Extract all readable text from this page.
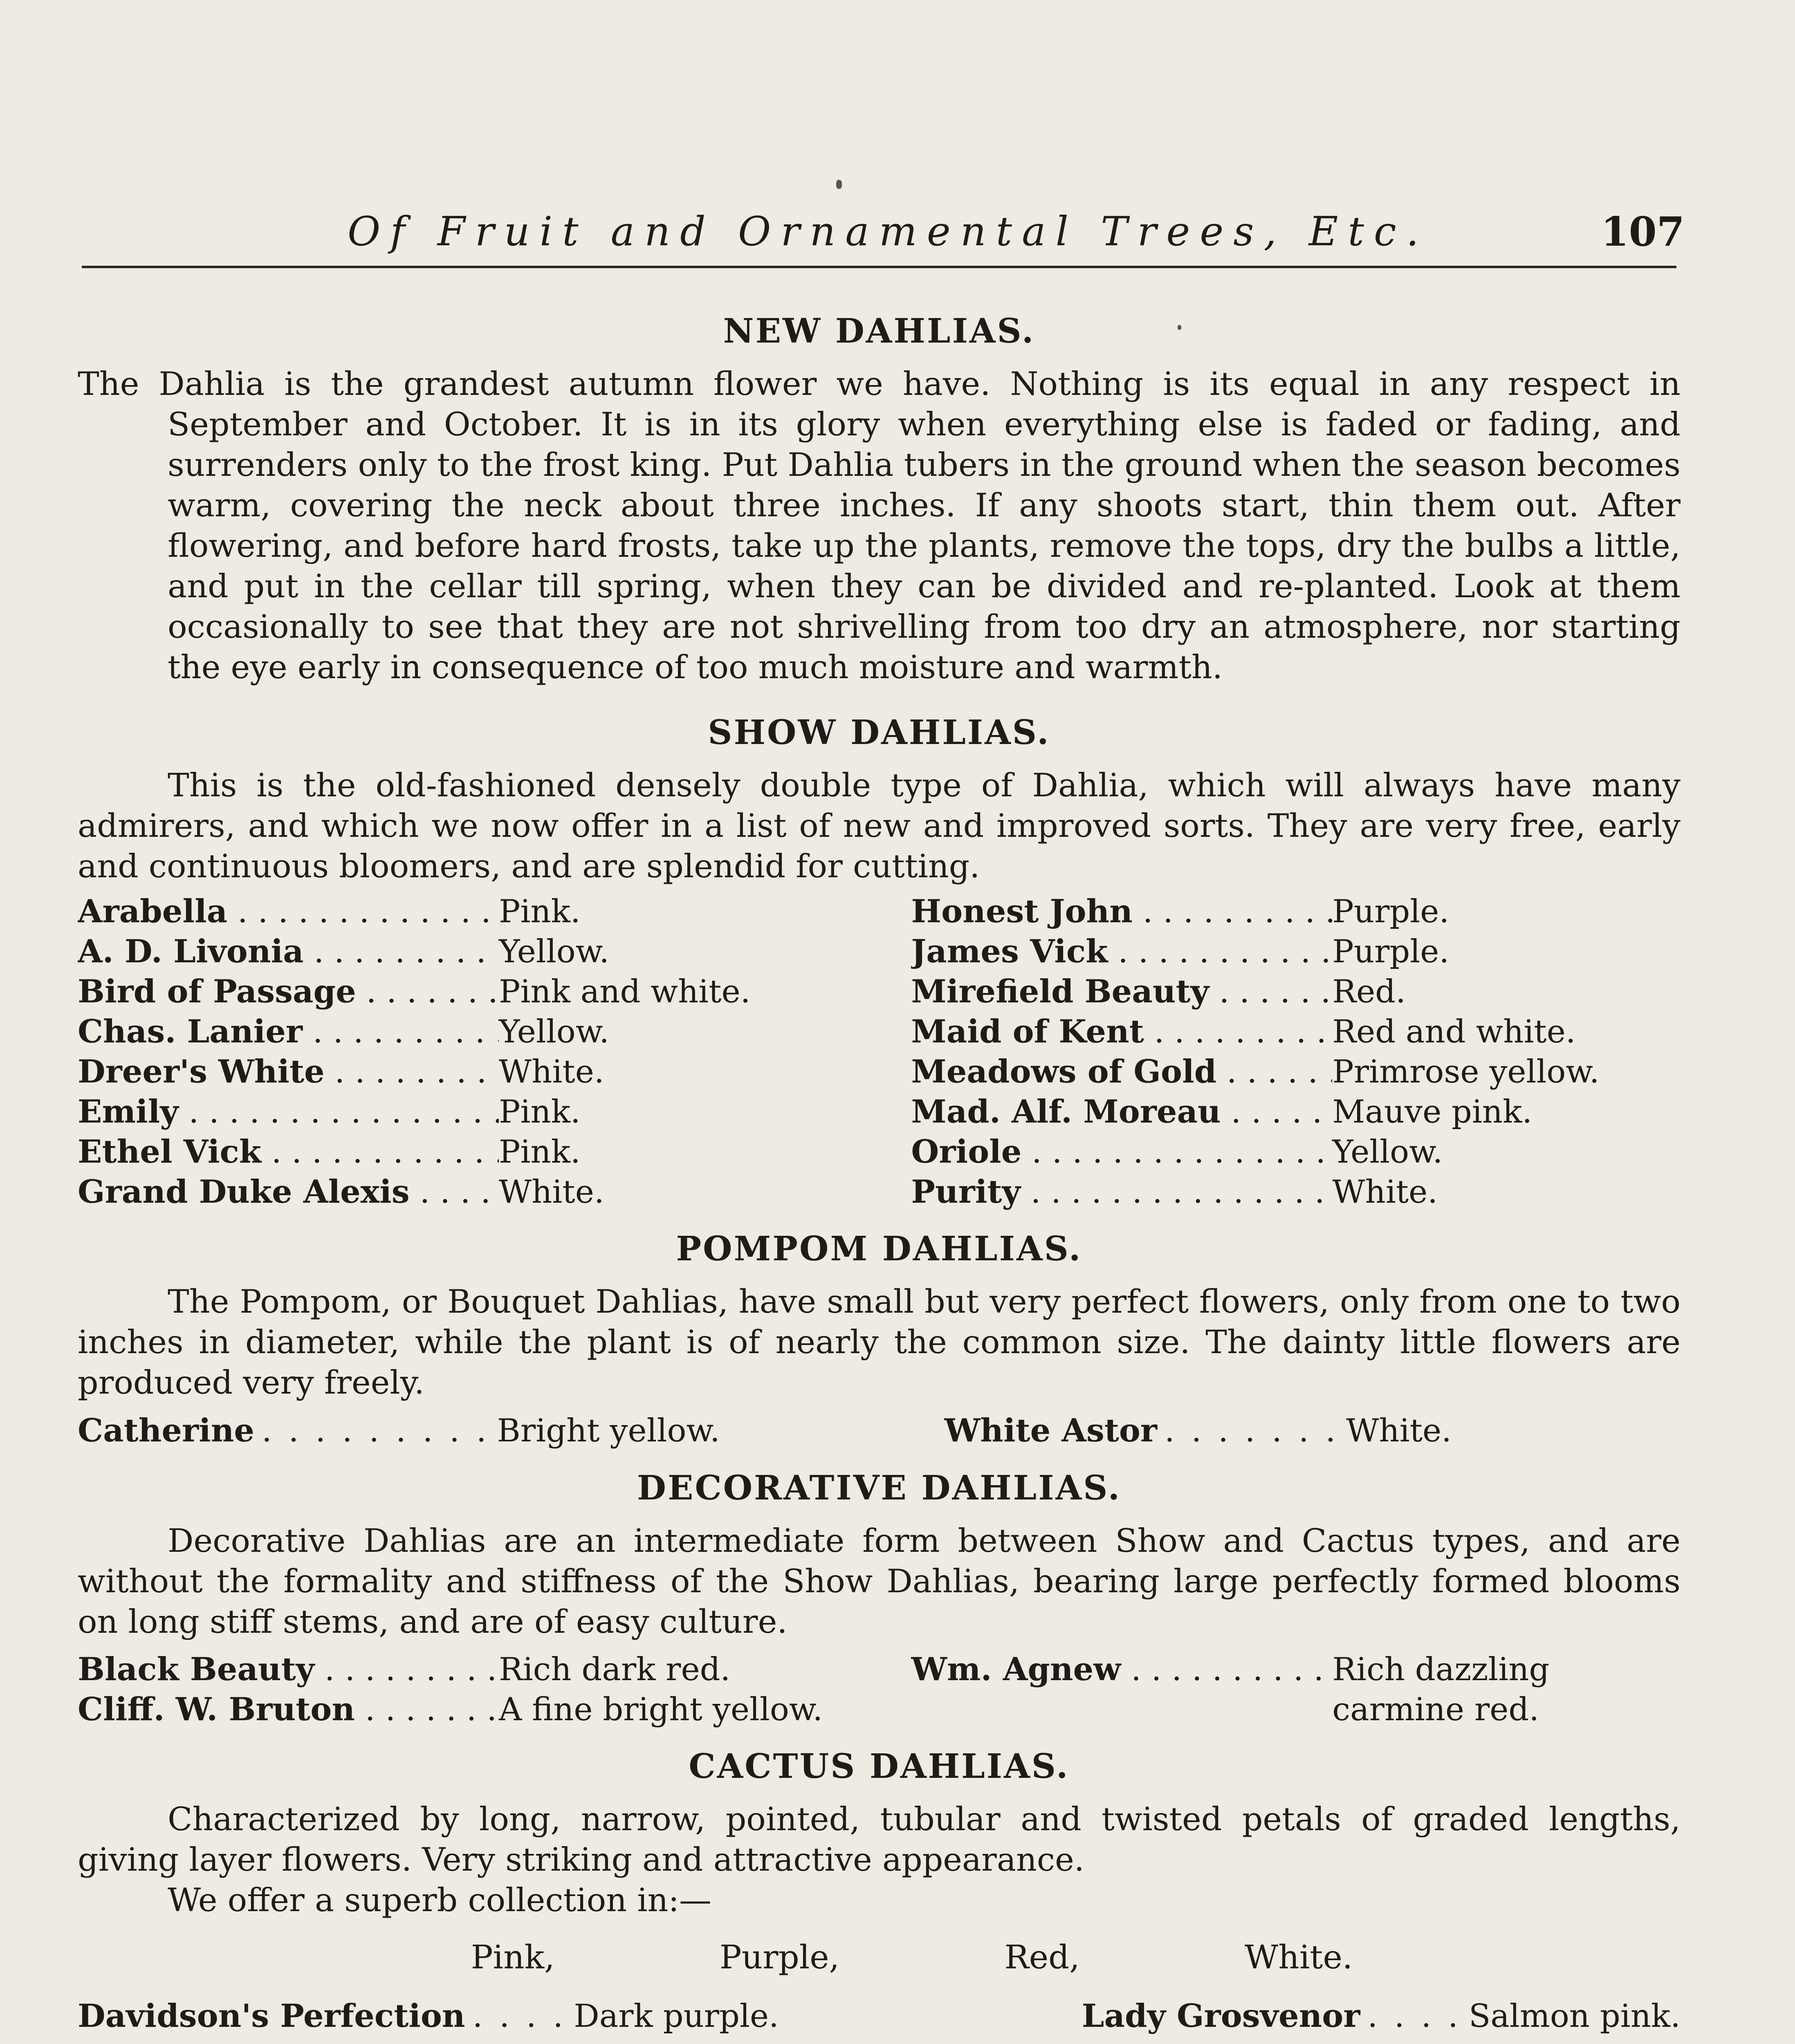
Of Fruit and Ornamental Trees, Etc.	107
NEW DAHLIAS.

The Dahlia is the grandest autumn flower we have. Nothing is its equal in any respect in September and October. It is in its glory when everything else is faded or fading, and surrenders only to the frost king. Put Dahlia tubers in the ground when the season becomes warm, covering the neck about three inches. If any shoots start, thin them out. After flowering, and before hard frosts, take up the plants, remove the tops, dry the bulbs a little, and put in the cellar till spring, when they can be divided and re-planted. Look at them occasionally to see that they are not shrivelling from too dry an atmosphere, nor starting the eye early in consequence of too much moisture and warmth.

SHOW DAHLIAS.

This is the old-fashioned densely double type of Dahlia, which will always have many admirers, and which we now offer in a list of new and improved sorts. They are very free, early and continuous bloomers, and are splendid for cutting.

Arabella . . .	Pink.
A. D. Livonia . . .	Yellow.
Bird of Passage . . .	Pink and white.
Chas. Lanier . . .	Yellow.
Dreer's White . . .	White.
Emily . . .	Pink.
Ethel Vick . . .	Pink.
Grand Duke Alexis . . .	White.
Honest John . . .	Purple.
James Vick . . .	Purple.
Mirefield Beauty . . .	Red.
Maid of Kent . . .	Red and white.
Meadows of Gold . . .	Primrose yellow.
Mad. Alf. Moreau . . .	Mauve pink.
Oriole . . .	Yellow.
Purity . . .	White.
POMPOM DAHLIAS.

The Pompom, or Bouquet Dahlias, have small but very perfect flowers, only from one to two inches in diameter, while the plant is of nearly the common size. The dainty little flowers are produced very freely.

Catherine . . . . . . . . . Bright yellow.	White Astor . . . . . . . White.
DECORATIVE DAHLIAS.

Decorative Dahlias are an intermediate form between Show and Cactus types, and are without the formality and stiffness of the Show Dahlias, bearing large perfectly formed blooms on long stiff stems, and are of easy culture.

Black Beauty . . .	Rich dark red.
Cliff. W. Bruton . . .	A fine bright yellow.
Wm. Agnew . . .	Rich dazzling carmine red.
CACTUS DAHLIAS.

Characterized by long, narrow, pointed, tubular and twisted petals of graded lengths, giving layer flowers. Very striking and attractive appearance.

We offer a superb collection in:—

Pink,	Purple,	Red,	White.
Davidson's Perfection . . . . Dark purple.	Lady Grosvenor . . . . Salmon pink.
